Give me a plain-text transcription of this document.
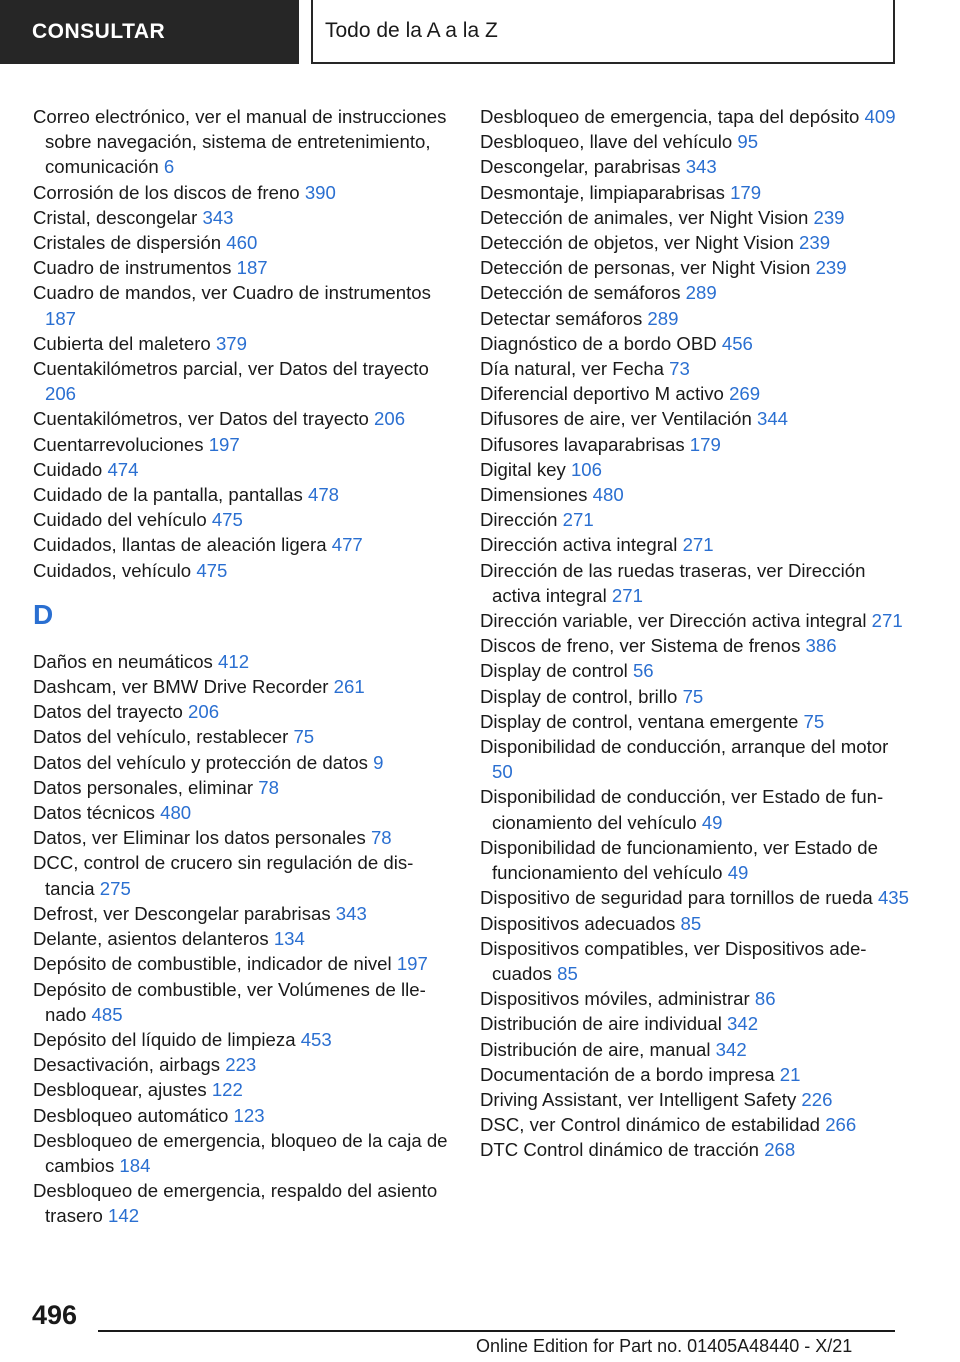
CONSULTAR	Todo de la A a la Z
Correo electrónico, ver el manual de instrucciones sobre navegación, sistema de entretenimiento, comunicación 6
Corrosión de los discos de freno 390
Cristal, descongelar 343
Cristales de dispersión 460
Cuadro de instrumentos 187
Cuadro de mandos, ver Cuadro de instrumentos 187
Cubierta del maletero 379
Cuentakilómetros parcial, ver Datos del trayecto 206
Cuentakilómetros, ver Datos del trayecto 206
Cuentarrevoluciones 197
Cuidado 474
Cuidado de la pantalla, pantallas 478
Cuidado del vehículo 475
Cuidados, llantas de aleación ligera 477
Cuidados, vehículo 475
D
Daños en neumáticos 412
Dashcam, ver BMW Drive Recorder 261
Datos del trayecto 206
Datos del vehículo, restablecer 75
Datos del vehículo y protección de datos 9
Datos personales, eliminar 78
Datos técnicos 480
Datos, ver Eliminar los datos personales 78
DCC, control de crucero sin regulación de distancia 275
Defrost, ver Descongelar parabrisas 343
Delante, asientos delanteros 134
Depósito de combustible, indicador de nivel 197
Depósito de combustible, ver Volúmenes de llenado 485
Depósito del líquido de limpieza 453
Desactivación, airbags 223
Desbloquear, ajustes 122
Desbloqueo automático 123
Desbloqueo de emergencia, bloqueo de la caja de cambios 184
Desbloqueo de emergencia, respaldo del asiento trasero 142
Desbloqueo de emergencia, tapa del depósito 409
Desbloqueo, llave del vehículo 95
Descongelar, parabrisas 343
Desmontaje, limpiaparabrisas 179
Detección de animales, ver Night Vision 239
Detección de objetos, ver Night Vision 239
Detección de personas, ver Night Vision 239
Detección de semáforos 289
Detectar semáforos 289
Diagnóstico de a bordo OBD 456
Día natural, ver Fecha 73
Diferencial deportivo M activo 269
Difusores de aire, ver Ventilación 344
Difusores lavaparabrisas 179
Digital key 106
Dimensiones 480
Dirección 271
Dirección activa integral 271
Dirección de las ruedas traseras, ver Dirección activa integral 271
Dirección variable, ver Dirección activa integral 271
Discos de freno, ver Sistema de frenos 386
Display de control 56
Display de control, brillo 75
Display de control, ventana emergente 75
Disponibilidad de conducción, arranque del motor 50
Disponibilidad de conducción, ver Estado de funcionamiento del vehículo 49
Disponibilidad de funcionamiento, ver Estado de funcionamiento del vehículo 49
Dispositivo de seguridad para tornillos de rueda 435
Dispositivos adecuados 85
Dispositivos compatibles, ver Dispositivos adecuados 85
Dispositivos móviles, administrar 86
Distribución de aire individual 342
Distribución de aire, manual 342
Documentación de a bordo impresa 21
Driving Assistant, ver Intelligent Safety 226
DSC, ver Control dinámico de estabilidad 266
DTC Control dinámico de tracción 268
496
Online Edition for Part no. 01405A48440 - X/21
